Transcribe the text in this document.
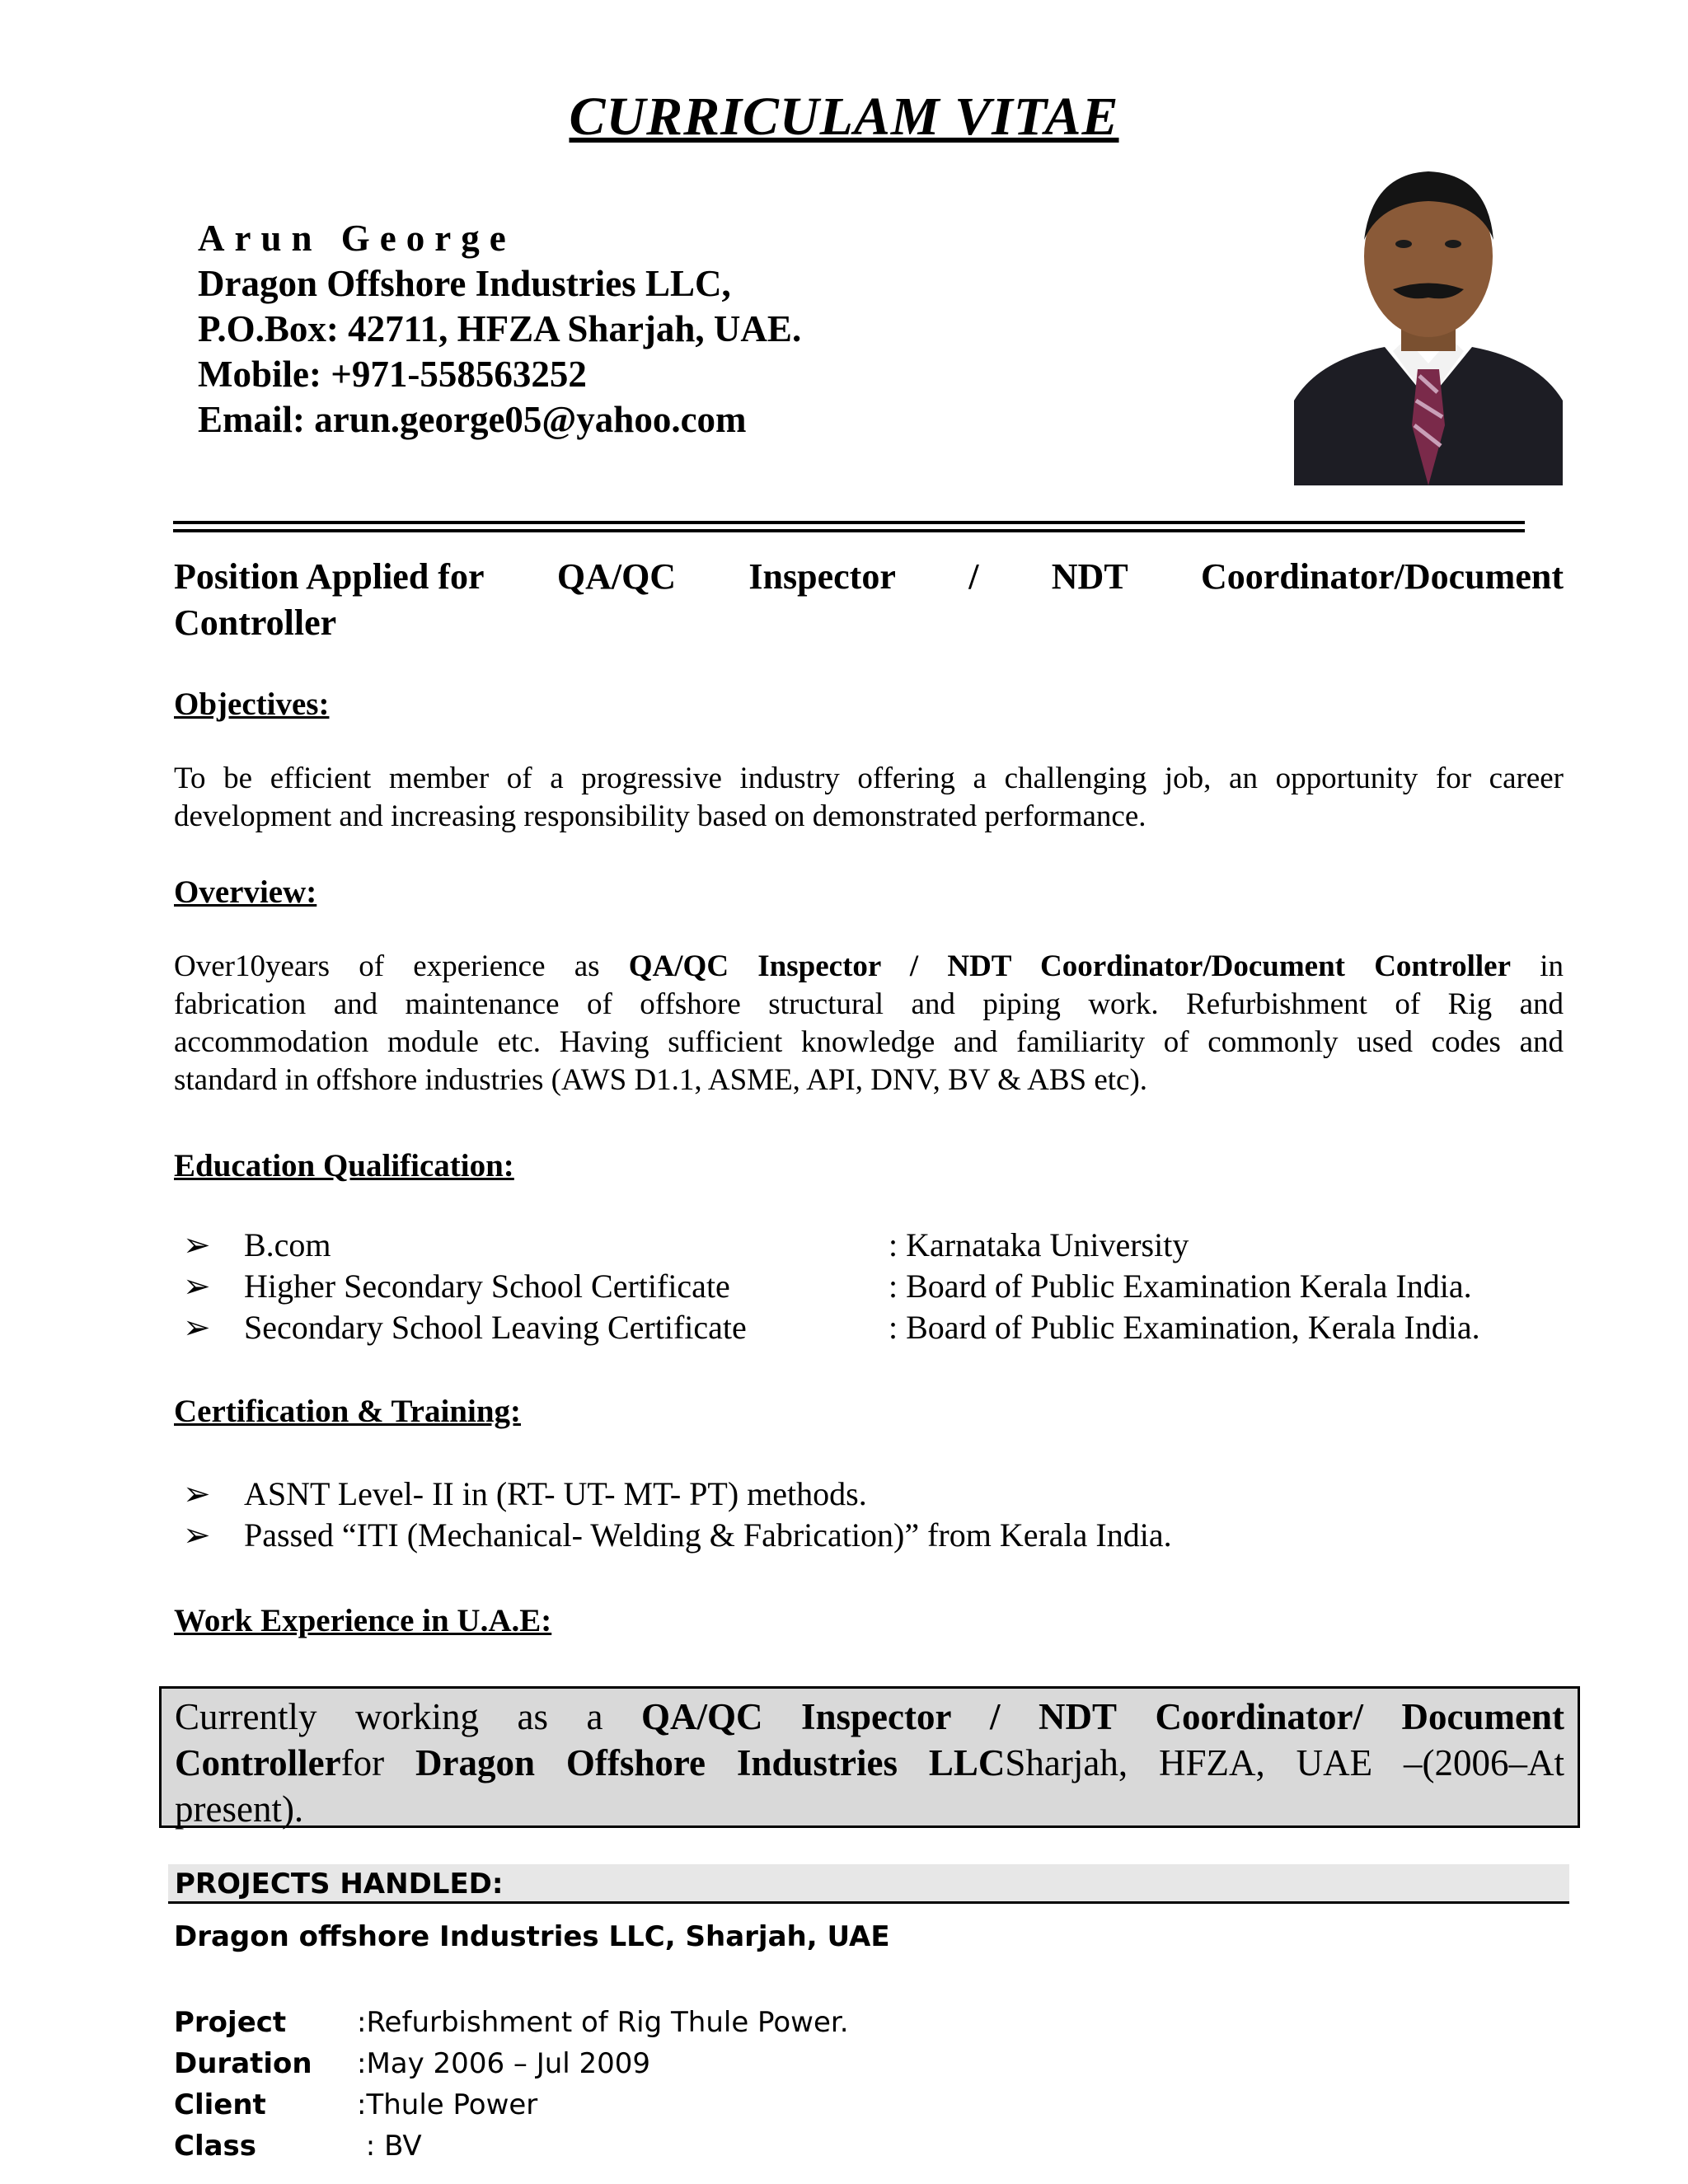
CURRICULAM VITAE
Arun George
Dragon Offshore Industries LLC,
P.O.Box: 42711, HFZA Sharjah, UAE.
Mobile: +971-558563252
Email: arun.george05@yahoo.com
Position Applied for QA/QC Inspector / NDT Coordinator/Document
Controller
Objectives:
To be efficient member of a progressive industry offering a challenging job, an opportunity for career
development and increasing responsibility based on demonstrated performance.
Overview:
Over10years of experience as QA/QC Inspector / NDT Coordinator/Document Controller in
fabrication and maintenance of offshore structural and piping work. Refurbishment of Rig and
accommodation module etc. Having sufficient knowledge and familiarity of commonly used codes and
standard in offshore industries (AWS D1.1, ASME, API, DNV, BV & ABS etc).
Education Qualification:
➢	B.com	: Karnataka University
➢	Higher Secondary School Certificate	: Board of Public Examination Kerala India.
➢	Secondary School Leaving Certificate	: Board of Public Examination, Kerala India.
Certification & Training:
➢	ASNT Level- II in (RT- UT- MT- PT) methods.
➢	Passed “ITI (Mechanical- Welding & Fabrication)” from Kerala India.
Work Experience in U.A.E:
Currently working as a QA/QC Inspector / NDT Coordinator/ Document
Controllerfor Dragon Offshore Industries LLCSharjah, HFZA, UAE –(2006–At
present).
PROJECTS HANDLED:
Dragon offshore Industries LLC, Sharjah, UAE
Project	:Refurbishment of Rig Thule Power.
Duration	:May 2006 – Jul 2009
Client	:Thule Power
Class	: BV
